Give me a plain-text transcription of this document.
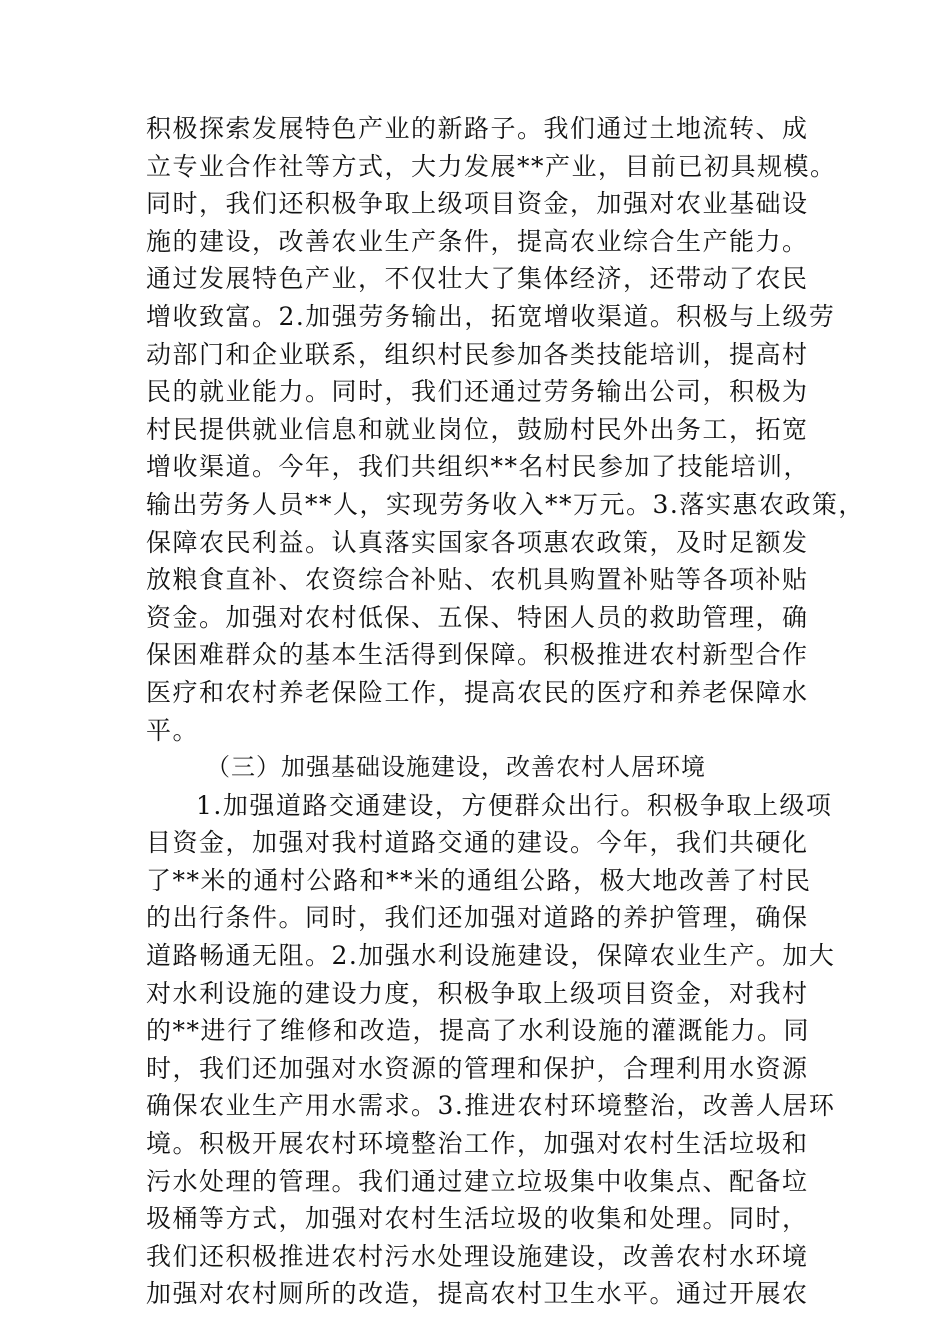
积极探索发展特色产业的新路子。我们通过土地流转、成
立专业合作社等方式，大力发展**产业，目前已初具规模。
同时，我们还积极争取上级项目资金，加强对农业基础设
施的建设，改善农业生产条件，提高农业综合生产能力。
通过发展特色产业，不仅壮大了集体经济，还带动了农民
增收致富。2.加强劳务输出，拓宽增收渠道。积极与上级劳
动部门和企业联系，组织村民参加各类技能培训，提高村
民的就业能力。同时，我们还通过劳务输出公司，积极为
村民提供就业信息和就业岗位，鼓励村民外出务工，拓宽
增收渠道。今年，我们共组织**名村民参加了技能培训，
输出劳务人员**人，实现劳务收入**万元。3.落实惠农政策，
保障农民利益。认真落实国家各项惠农政策，及时足额发
放粮食直补、农资综合补贴、农机具购置补贴等各项补贴
资金。加强对农村低保、五保、特困人员的救助管理，确
保困难群众的基本生活得到保障。积极推进农村新型合作
医疗和农村养老保险工作，提高农民的医疗和养老保障水
平。
（三）加强基础设施建设，改善农村人居环境
1.加强道路交通建设，方便群众出行。积极争取上级项
目资金，加强对我村道路交通的建设。今年，我们共硬化
了**米的通村公路和**米的通组公路，极大地改善了村民
的出行条件。同时，我们还加强对道路的养护管理，确保
道路畅通无阻。2.加强水利设施建设，保障农业生产。加大
对水利设施的建设力度，积极争取上级项目资金，对我村
的**进行了维修和改造，提高了水利设施的灌溉能力。同
时，我们还加强对水资源的管理和保护，合理利用水资源
确保农业生产用水需求。3.推进农村环境整治，改善人居环
境。积极开展农村环境整治工作，加强对农村生活垃圾和
污水处理的管理。我们通过建立垃圾集中收集点、配备垃
圾桶等方式，加强对农村生活垃圾的收集和处理。同时，
我们还积极推进农村污水处理设施建设，改善农村水环境
加强对农村厕所的改造，提高农村卫生水平。通过开展农
